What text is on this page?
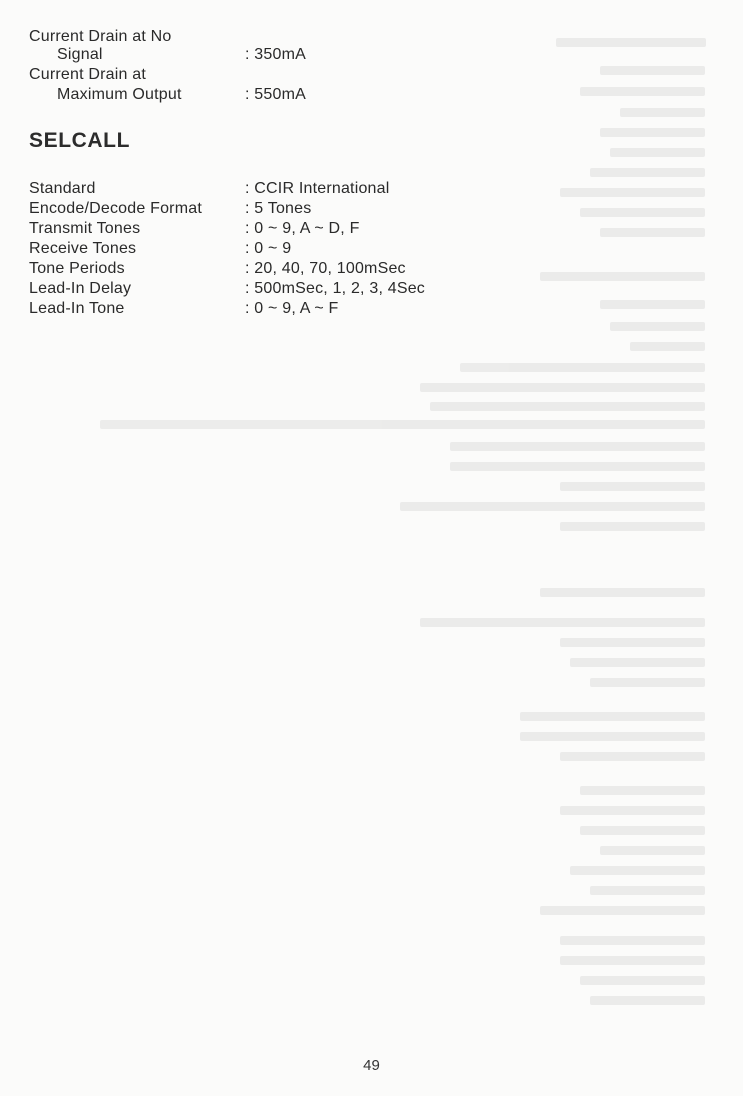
Current Drain at No
Signal	: 350mA
Current Drain at
Maximum Output	: 550mA
SELCALL
Standard	: CCIR International
Encode/Decode Format	: 5 Tones
Transmit Tones	: 0 ~ 9, A ~ D, F
Receive Tones	: 0 ~ 9
Tone Periods	: 20, 40, 70, 100mSec
Lead-In Delay	: 500mSec, 1, 2, 3, 4Sec
Lead-In Tone	: 0 ~ 9, A ~ F
49
